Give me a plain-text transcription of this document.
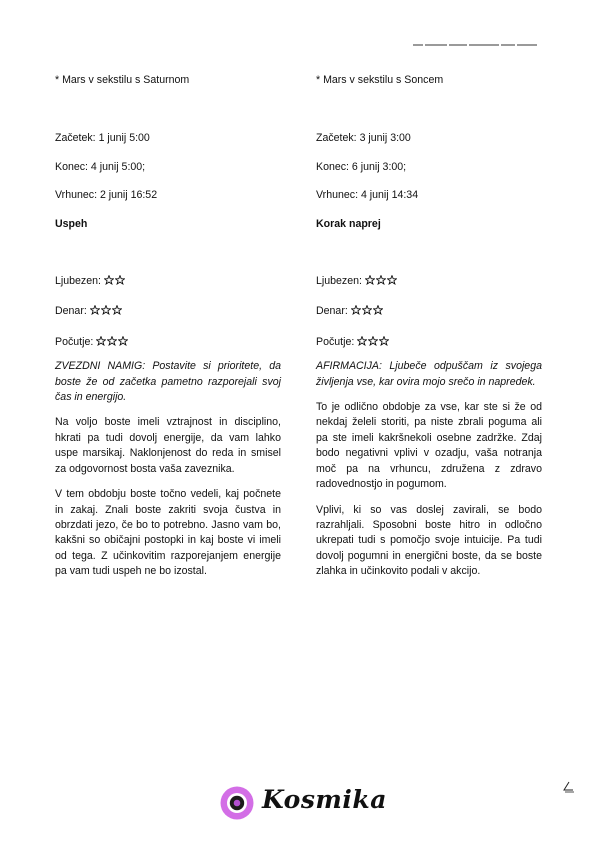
* Mars v sekstilu s Saturnom

Začetek: 1 junij 5:00

Konec: 4 junij 5:00;

Vrhunec: 2 junij 16:52

Uspeh

Ljubezen:

Denar:

Počutje:

ZVEZDNI NAMIG: Postavite si prioritete, da boste že od začetka pametno razporejali svoj čas in energijo.

Na voljo boste imeli vztrajnost in disciplino, hkrati pa tudi dovolj energije, da vam lahko uspe marsikaj. Naklonjenost do reda in smisel za odgovornost bosta vaša zaveznika.

V tem obdobju boste točno vedeli, kaj počnete in zakaj. Znali boste zakriti svoja čustva in obrzdati jezo, če bo to potrebno. Jasno vam bo, kakšni so običajni postopki in kaj boste vi imeli od tega. Z učinkovitim razporejanjem energije pa vam tudi uspeh ne bo izostal.

* Mars v sekstilu s Soncem

Začetek: 3 junij 3:00

Konec: 6 junij 3:00;

Vrhunec: 4 junij 14:34

Korak naprej

Ljubezen:

Denar:

Počutje:

AFIRMACIJA: Ljubeče odpuščam iz svojega življenja vse, kar ovira mojo srečo in napredek.

To je odlično obdobje za vse, kar ste si že od nekdaj želeli storiti, pa niste zbrali poguma ali pa ste imeli kakršnekoli osebne zadržke. Zdaj bodo negativni vplivi v ozadju, vaša notranja moč pa na vrhuncu, združena z zdravo radovednostjo in pogumom.

Vplivi, ki so vas doslej zavirali, se bodo razrahljali. Sposobni boste hitro in odločno ukrepati tudi s pomočjo svoje intuicije. Pa tudi dovolj pogumni in energični boste, da se boste zlahka in učinkovito podali v akcijo.

Kosmika
